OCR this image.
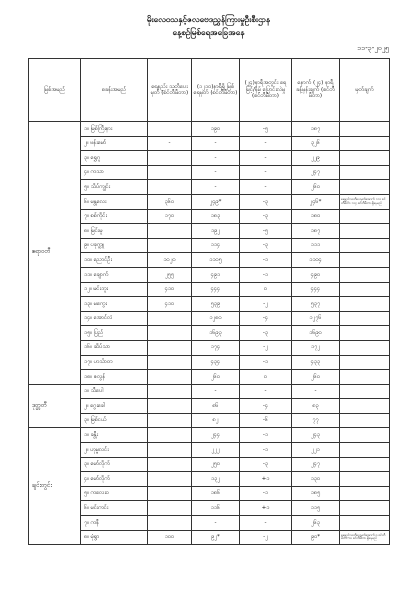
မိုးလေဝသနှင့်ဇလဗေဒညွှန်ကြားမှုဦးစီးဌာန
နေ့စဉ်မြစ်ရေအခြေအနေ
၁၁-၃-၂၀၂၅
မြစ်အမည်	စခန်းအမည်	ရေနည်း သတိပေးမှတ် (စင်တီမီတာ)	(၁၂၁၀)နာရီရှိ မြစ်ရေမှတ် (စင်တီမီတာ)	(၂၄)နာရီအတွင်း ရေမြင့်/နိမ့် ပြောင်းလဲမှု (စင်တီမီတာ)	နောက် (၂၄) နာရီ ခန့်မှန်းချက် (စင်တီမီတာ)	မှတ်ချက်
ဧရာဝတီ	၁။ မြစ်ကြီးနား		၁၉၀	-၅	၁၈၇	
	၂။ ဗန်းမော်	-	-	-	၃၂၆	
	၃။ ရွှေဂူ		-	-	၂၂၉	
	၄။ ကသာ		-	-	၂၄၇	
	၅။ သိပ်ကျွင်း		-	-	၂၆၀	
	၆။ မန္တလေး	၃၆၀	၂၄၉*	-၃	၂၄၆*	ရေနည်းသတိပေးမှတ်အောက် ၁၁၁ စင်တီမီတာ ၁၁၄ စင်တီမီတာ ရှိနေမည်
	၇။ စစ်ကိုင်း	၁၇၀	၁၈၃	-၃	၁၈၀	
	၈။ မြင်းမူ		၁၉၂	-၅	၁၈၇	
	၉။ ပခုက္ကူ		၁၁၄	-၃	၁၁၁	
	၁၀။ ညောင်ဦး	၁၀၂၀	၁၁၀၅	-၁	၁၁၀၄	
	၁၁။ ချောက်	၂၅၅	၄၉၁	-၁	၄၉၀	
	၁၂။ မင်းဘူး	၄၁၀	၄၄၄	၀	၄၄၄	
	၁၃။ မကွေး	၄၁၀	၅၃၉	-၂	၅၃၇	
	၁၄။ အောင်လံ		၁၂၈၀	-၄	၁၂၇၆	
	၁၅။ ပြည်		၁၆၉၃	-၃	၁၆၉၀	
	၁၆။ ဆိပ်သာ		၁၇၄	-၂	၁၇၂	
	၁၇။ ဟင်္သာတ		၄၃၄	-၁	၄၃၃	
	၁၈။ ဇလွန်		၂၆၀	၀	၂၆၀	
ဒုတ္တတီ	၁။ သီပေါ		-	-	-	
	၂။ ဂွေးခေါ		၈၆	-၄	၈၃	
	၃။ မြစ်ငယ်		၈၂	-၆	၇၇	
ချင်းတွင်း	၁။ ခန္တီး		၂၄၄	-၁	၂၄၃	
	၂။ ဟုမ္မလင်း		၂၂၂	-၁	၂၂၁	
	၃။ မော်လိုက်		၂၅၀	-၃	၂၄၇	
	၄။ မော်လိုက်		၁၃၂	+၁	၁၃၀	
	၅။ ကလေးဝ		၁၈၆	-၁	၁၈၅	
	၆။ မင်းကင်း		၁၁၆	+၁	၁၁၅	
	၇။ ကနီ		-	-	၂၆၃	
	၈။ မုံရွာ	၁၀၀	၉၂*	-၂	၉၀*	ရေနည်းသတိပေးမှတ်အောက် ၈ စင်တီမီတာ ၁၀ စင်တီမီတာ ရှိနေမည်
